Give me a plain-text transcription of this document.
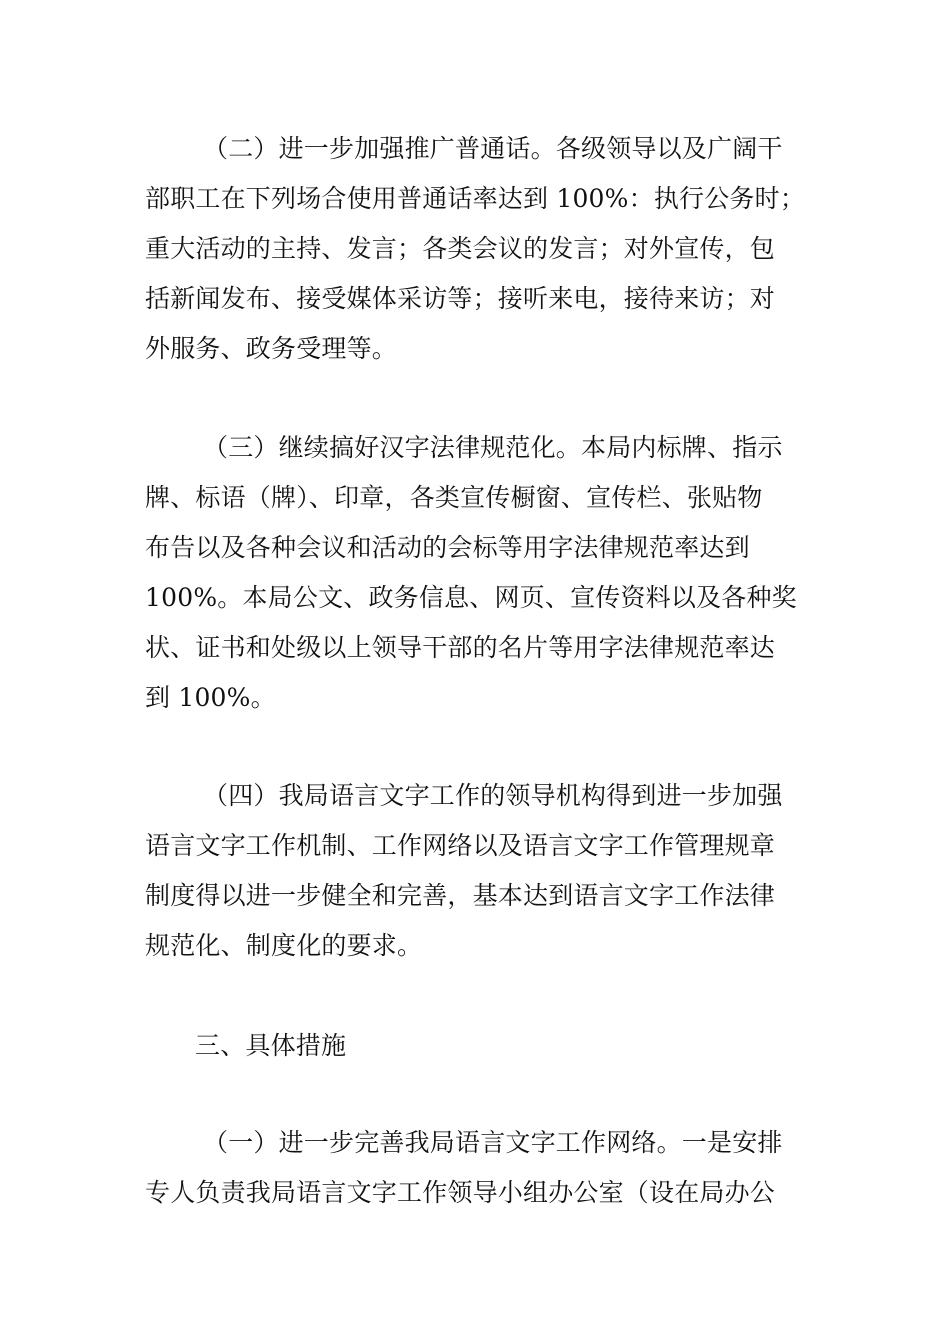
（二）进一步加强推广普通话。各级领导以及广阔干
部职工在下列场合使用普通话率达到 100%：执行公务时；
重大活动的主持、发言；各类会议的发言；对外宣传，包
括新闻发布、接受媒体采访等；接听来电，接待来访；对
外服务、政务受理等。
（三）继续搞好汉字法律规范化。本局内标牌、指示
牌、标语（牌）、印章，各类宣传橱窗、宣传栏、张贴物
布告以及各种会议和活动的会标等用字法律规范率达到
100%。本局公文、政务信息、网页、宣传资料以及各种奖
状、证书和处级以上领导干部的名片等用字法律规范率达
到 100%。
（四）我局语言文字工作的领导机构得到进一步加强
语言文字工作机制、工作网络以及语言文字工作管理规章
制度得以进一步健全和完善，基本达到语言文字工作法律
规范化、制度化的要求。
三、具体措施
（一）进一步完善我局语言文字工作网络。一是安排
专人负责我局语言文字工作领导小组办公室（设在局办公
